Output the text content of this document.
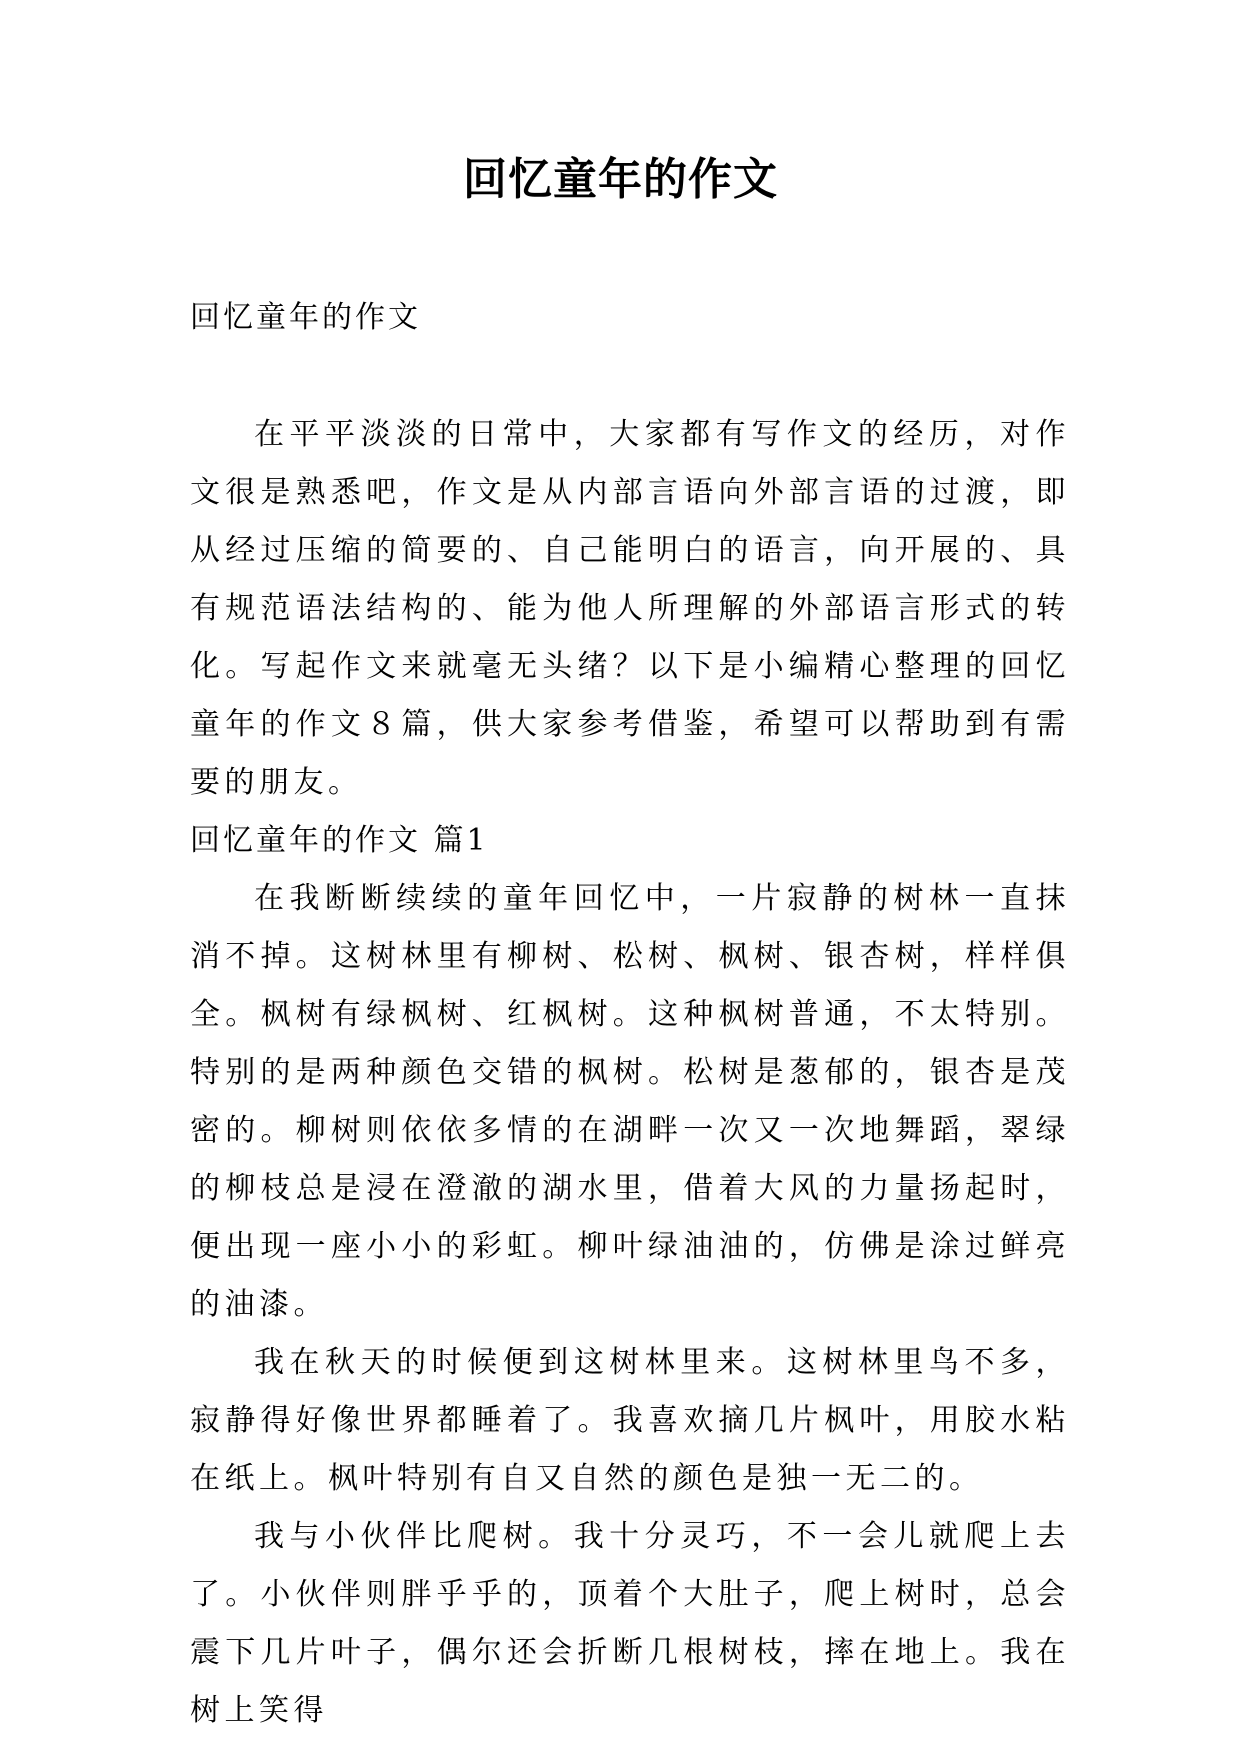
回忆童年的作文
回忆童年的作文

在平平淡淡的日常中，大家都有写作文的经历，对作文很是熟悉吧，作文是从内部言语向外部言语的过渡，即从经过压缩的简要的、自己能明白的语言，向开展的、具有规范语法结构的、能为他人所理解的外部语言形式的转化。写起作文来就毫无头绪？以下是小编精心整理的回忆童年的作文８篇，供大家参考借鉴，希望可以帮助到有需要的朋友。

回忆童年的作文 篇1

在我断断续续的童年回忆中，一片寂静的树林一直抹消不掉。这树林里有柳树、松树、枫树、银杏树，样样俱全。枫树有绿枫树、红枫树。这种枫树普通，不太特别。特别的是两种颜色交错的枫树。松树是葱郁的，银杏是茂密的。柳树则依依多情的在湖畔一次又一次地舞蹈，翠绿的柳枝总是浸在澄澈的湖水里，借着大风的力量扬起时，便出现一座小小的彩虹。柳叶绿油油的，仿佛是涂过鲜亮的油漆。

我在秋天的时候便到这树林里来。这树林里鸟不多，寂静得好像世界都睡着了。我喜欢摘几片枫叶，用胶水粘在纸上。枫叶特别有自又自然的颜色是独一无二的。

我与小伙伴比爬树。我十分灵巧，不一会儿就爬上去了。小伙伴则胖乎乎的，顶着个大肚子，爬上树时，总会震下几片叶子，偶尔还会折断几根树枝，摔在地上。我在树上笑得
